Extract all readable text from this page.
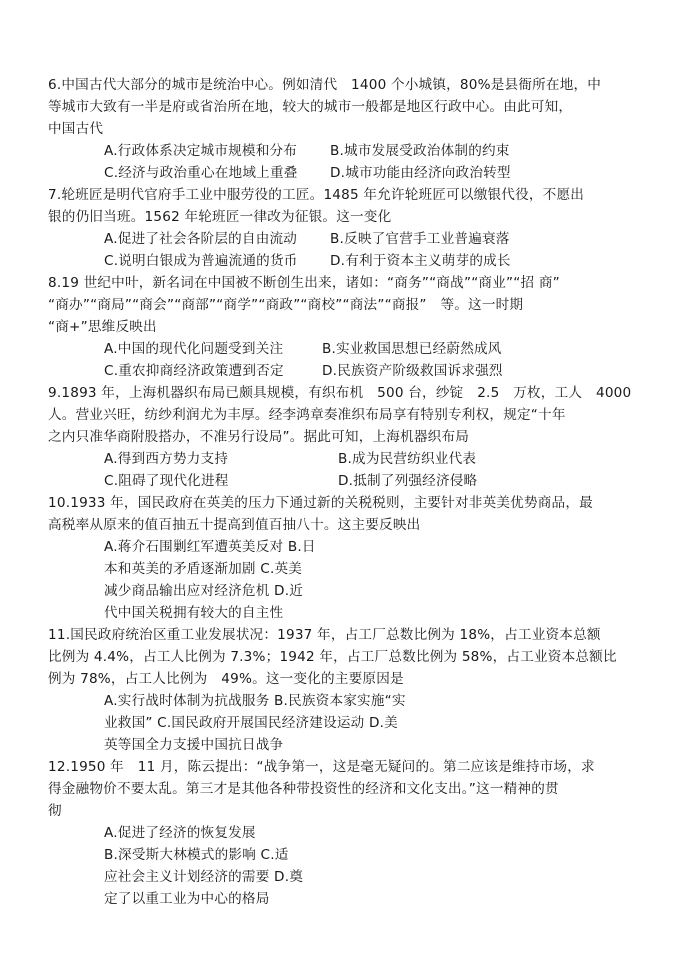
6.中国古代大部分的城市是统治中心。例如清代　1400 个小城镇，80%是县衙所在地，中
等城市大致有一半是府或省治所在地，较大的城市一般都是地区行政中心。由此可知，
中国古代
A.行政体系决定城市规模和分布 B.城市发展受政治体制的约束
C.经济与政治重心在地域上重叠 D.城市功能由经济向政治转型
7.轮班匠是明代官府手工业中服劳役的工匠。1485 年允许轮班匠可以缴银代役，不愿出
银的仍旧当班。1562 年轮班匠一律改为征银。这一变化
A.促进了社会各阶层的自由流动 B.反映了官营手工业普遍衰落
C.说明白银成为普遍流通的货币 D.有利于资本主义萌芽的成长
8.19 世纪中叶，新名词在中国被不断创生出来，诸如：“商务”“商战”“商业”“招 商”
“商办”“商局”“商会”“商部”“商学”“商政”“商校”“商法”“商报”　等。这一时期
“商+”思维反映出
A.中国的现代化问题受到关注	B.实业救国思想已经蔚然成风
C.重农抑商经济政策遭到否定	D.民族资产阶级救国诉求强烈
9.1893 年，上海机器织布局已颇具规模，有织布机　500 台，纱锭　2.5　万枚，工人　4000
人。营业兴旺，纺纱利润尤为丰厚。经李鸿章奏准织布局享有特别专利权，规定“十年
之内只准华商附股搭办，不准另行设局”。据此可知，上海机器织布局
A.得到西方势力支持	B.成为民营纺织业代表
C.阻碍了现代化进程	D.抵制了列强经济侵略
10.1933 年，国民政府在英美的压力下通过新的关税税则，主要针对非英美优势商品，最
高税率从原来的值百抽五十提高到值百抽八十。这主要反映出
A.蒋介石围剿红军遭英美反对 B.日
本和英美的矛盾逐渐加剧 C.英美
减少商品输出应对经济危机 D.近
代中国关税拥有较大的自主性
11.国民政府统治区重工业发展状况：1937 年，占工厂总数比例为 18%，占工业资本总额
比例为 4.4%，占工人比例为 7.3%；1942 年，占工厂总数比例为 58%，占工业资本总额比
例为 78%，占工人比例为　49%。这一变化的主要原因是
A.实行战时体制为抗战服务 B.民族资本家实施“实
业救国” C.国民政府开展国民经济建设运动 D.美
英等国全力支援中国抗日战争
12.1950 年　11 月，陈云提出：“战争第一，这是毫无疑问的。第二应该是维持市场，求
得金融物价不要太乱。第三才是其他各种带投资性的经济和文化支出。”这一精神的贯
彻
A.促进了经济的恢复发展
B.深受斯大林模式的影响 C.适
应社会主义计划经济的需要 D.奠
定了以重工业为中心的格局
